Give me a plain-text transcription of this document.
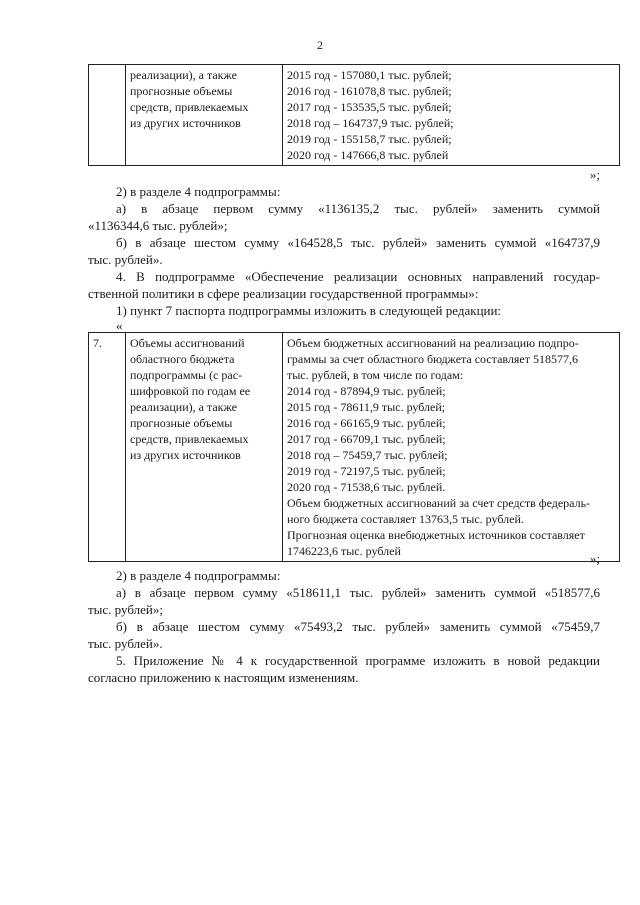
2

реализации), а также
прогнозные объемы
средств, привлекаемых
из других источников

2015 год - 157080,1 тыс. рублей;
2016 год - 161078,8 тыс. рублей;
2017 год - 153535,5 тыс. рублей;
2018 год – 164737,9 тыс. рублей;
2019 год - 155158,7 тыс. рублей;
2020 год - 147666,8 тыс. рублей
»;
2) в разделе 4 подпрограммы:
а) в абзаце первом сумму «1136135,2 тыс. рублей» заменить суммой
«1136344,6 тыс. рублей»;
б) в абзаце шестом сумму «164528,5 тыс. рублей» заменить суммой «164737,9
тыс. рублей».
4. В подпрограмме «Обеспечение реализации основных направлений государ-
ственной политики в сфере реализации государственной программы»:
1) пункт 7 паспорта подпрограммы изложить в следующей редакции:
«
7.	Объемы ассигнований
областного бюджета
подпрограммы (с рас-
шифровкой по годам ее
реализации), а также
прогнозные объемы
средств, привлекаемых
из других источников

Объем бюджетных ассигнований на реализацию подпро-
граммы за счет областного бюджета составляет 518577,6
тыс. рублей, в том числе по годам:
2014 год - 87894,9 тыс. рублей;
2015 год - 78611,9 тыс. рублей;
2016 год - 66165,9 тыс. рублей;
2017 год - 66709,1 тыс. рублей;
2018 год – 75459,7 тыс. рублей;
2019 год - 72197,5 тыс. рублей;
2020 год - 71538,6 тыс. рублей.
Объем бюджетных ассигнований за счет средств федераль-
ного бюджета составляет 13763,5 тыс. рублей.
Прогнозная оценка внебюджетных источников составляет
1746223,6 тыс. рублей	»;
2) в разделе 4 подпрограммы:
а) в абзаце первом сумму «518611,1 тыс. рублей» заменить суммой «518577,6
тыс. рублей»;
б) в абзаце шестом сумму «75493,2 тыс. рублей» заменить суммой «75459,7
тыс. рублей».
5. Приложение № 4 к государственной программе изложить в новой редакции
согласно приложению к настоящим изменениям.
